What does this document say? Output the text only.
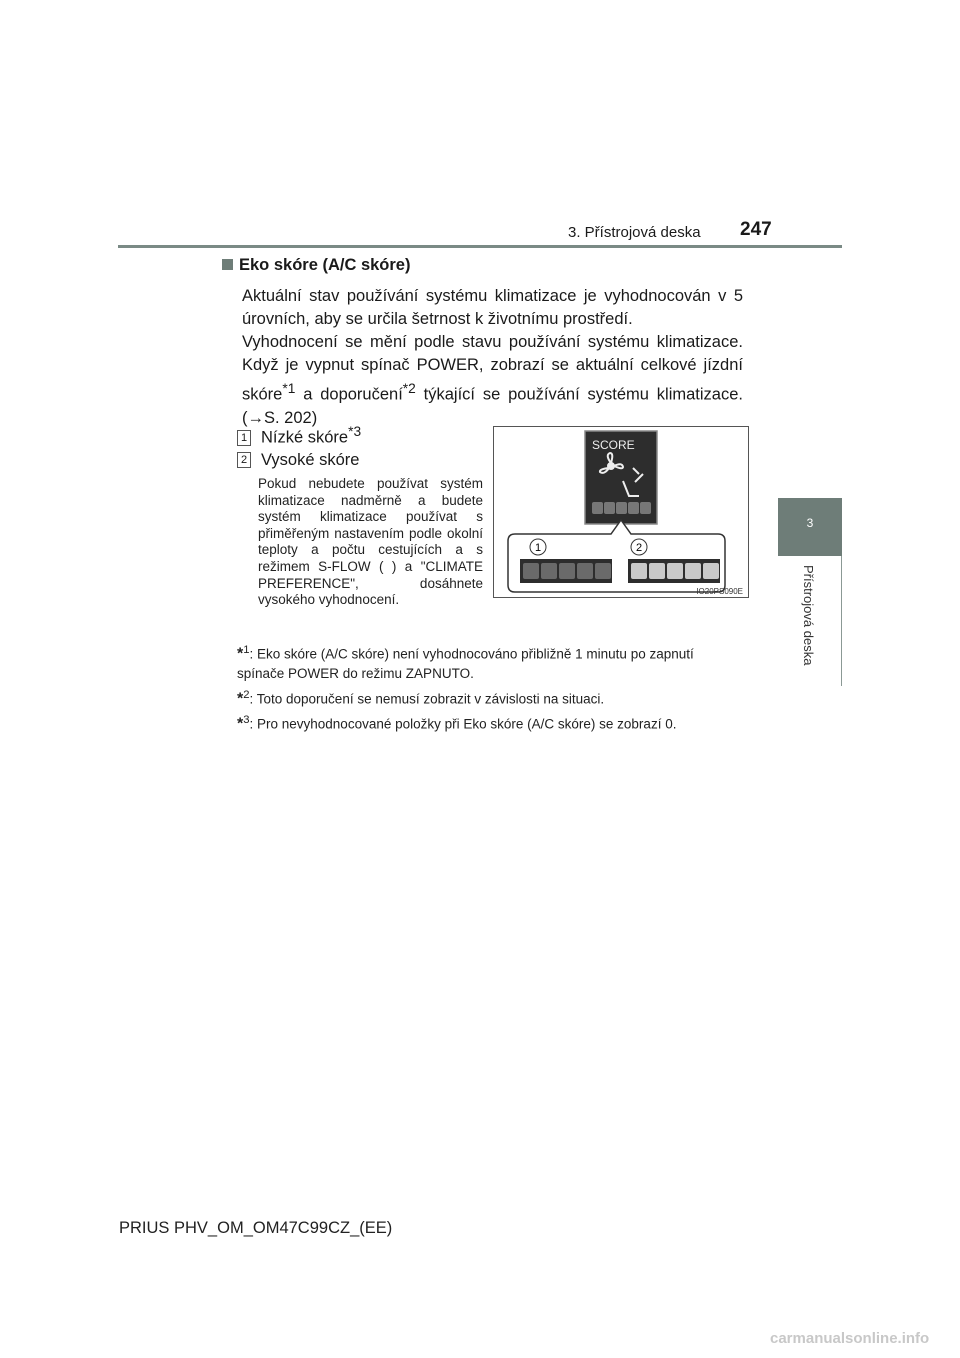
3. Přístrojová deska 247
3
Přístrojová deska
Eko skóre (A/C skóre)
Aktuální stav používání systému klimatizace je vyhodnocován v 5 úrovních, aby se určila šetrnost k životnímu prostředí.
Vyhodnocení se mění podle stavu používání systému klimatizace. Když je vypnut spínač POWER, zobrazí se aktuální celkové jízdní skóre$^{*1}$ a doporučení$^{*2}$ týkající se používání systému klimatizace. (→S. 202)
1 Nízké skóre$^{*3}$
2 Vysoké skóre
Pokud nebudete používat systém klimatizace nadměrně a budete systém klimatizace používat s přiměřeným nastavením podle okolní teploty a počtu cestujících a s režimem S-FLOW ( ) a "CLIMATE PREFERENCE", dosáhnete vysokého vyhodnocení.
SCORE
1	2
IO20PS090E
*$^1$: Eko skóre (A/C skóre) není vyhodnocováno přibližně 1 minutu po zapnutí spínače POWER do režimu ZAPNUTO.
*$^2$: Toto doporučení se nemusí zobrazit v závislosti na situaci.
*$^3$: Pro nevyhodnocované položky při Eko skóre (A/C skóre) se zobrazí 0.
PRIUS PHV_OM_OM47C99CZ_(EE)
carmanualsonline.info
